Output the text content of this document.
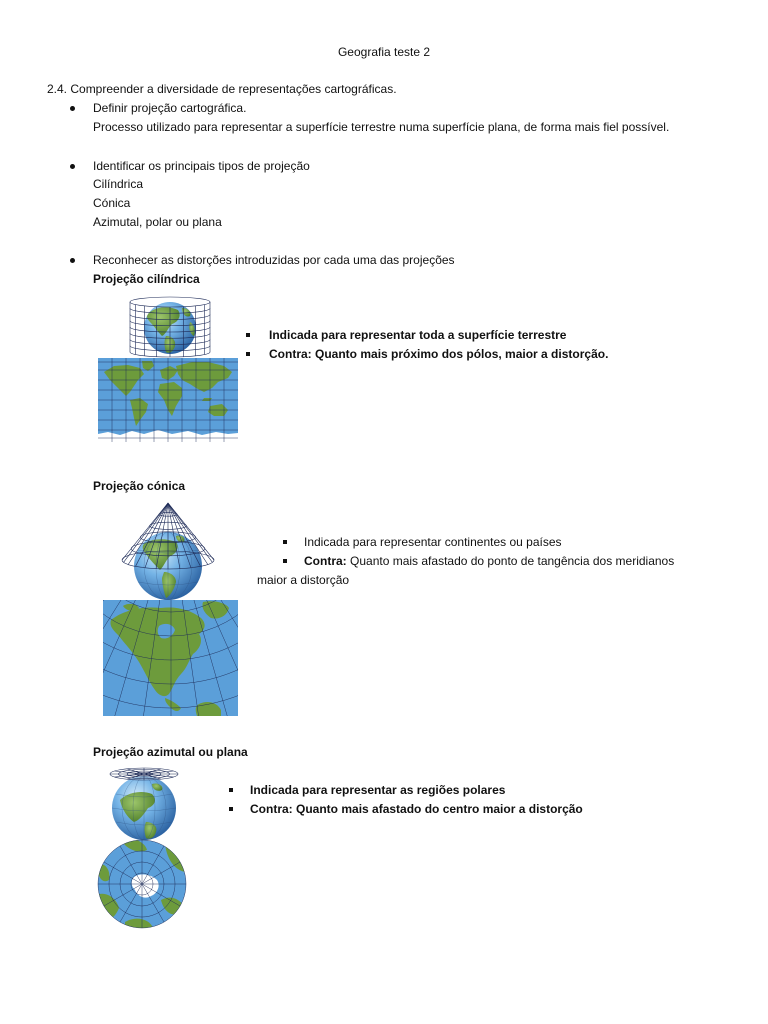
Geografia teste 2
2.4. Compreender a diversidade de representações cartográficas.
Definir projeção cartográfica.
Processo utilizado para representar a superfície terrestre numa superfície plana, de forma mais fiel possível.
Identificar os principais tipos de projeção
Cilíndrica
Cónica
Azimutal, polar ou plana
Reconhecer as distorções introduzidas por cada uma das projeções
Projeção cilíndrica
Indicada para representar toda a superfície terrestre
Contra: Quanto mais próximo dos pólos, maior a distorção.
Projeção cónica
Indicada para representar continentes ou países
Contra: Quanto mais afastado do ponto de tangência dos meridianos
maior a distorção
Projeção azimutal ou plana
Indicada para representar as regiões polares
Contra: Quanto mais afastado do centro maior a distorção
